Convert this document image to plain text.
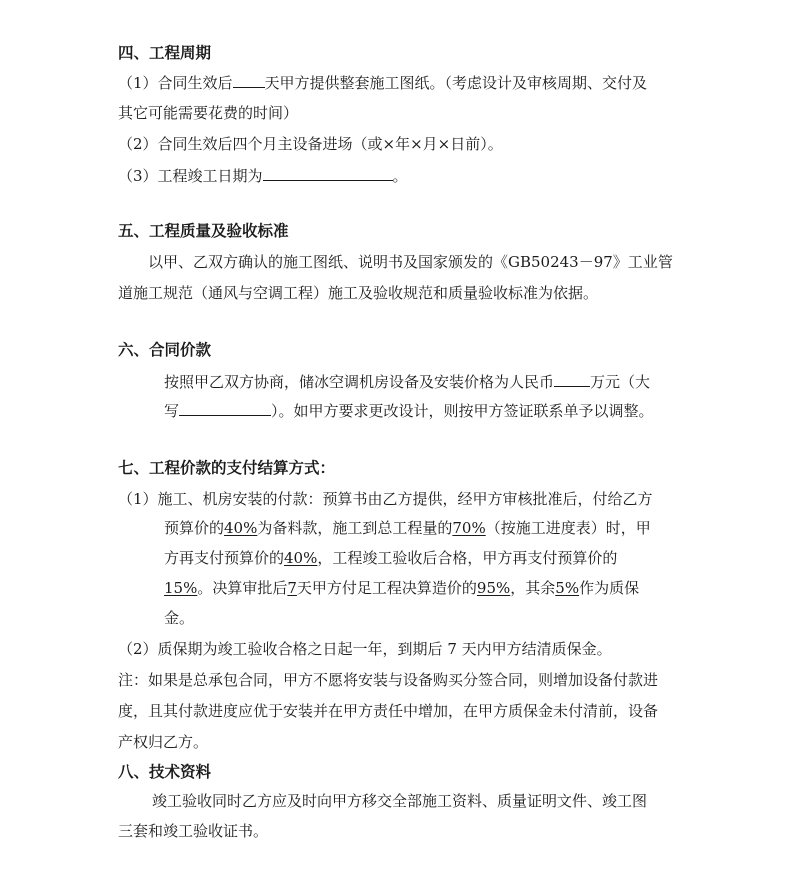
四、工程周期
（1）合同生效后 天甲方提供整套施工图纸。（考虑设计及审核周期、交付及
其它可能需要花费的时间）
（2）合同生效后四个月主设备进场（或×年×月×日前）。
（3）工程竣工日期为	。
五、工程质量及验收标准
以甲、乙双方确认的施工图纸、说明书及国家颁发的《GB50243－97》工业管
道施工规范（通风与空调工程）施工及验收规范和质量验收标准为依据。
六、合同价款
按照甲乙双方协商，储冰空调机房设备及安装价格为人民币 万元（大
写	）。如甲方要求更改设计，则按甲方签证联系单予以调整。
七、工程价款的支付结算方式：
（1）施工、机房安装的付款：预算书由乙方提供，经甲方审核批准后，付给乙方
预算价的40%为备料款，施工到总工程量的70%（按施工进度表）时，甲
方再支付预算价的40%，工程竣工验收后合格，甲方再支付预算价的
15%。决算审批后7天甲方付足工程决算造价的95%，其余5%作为质保
金。
（2）质保期为竣工验收合格之日起一年，到期后 7 天内甲方结清质保金。
注：如果是总承包合同，甲方不愿将安装与设备购买分签合同，则增加设备付款进
度，且其付款进度应优于安装并在甲方责任中增加，在甲方质保金未付清前，设备
产权归乙方。
八、技术资料
竣工验收同时乙方应及时向甲方移交全部施工资料、质量证明文件、竣工图
三套和竣工验收证书。
